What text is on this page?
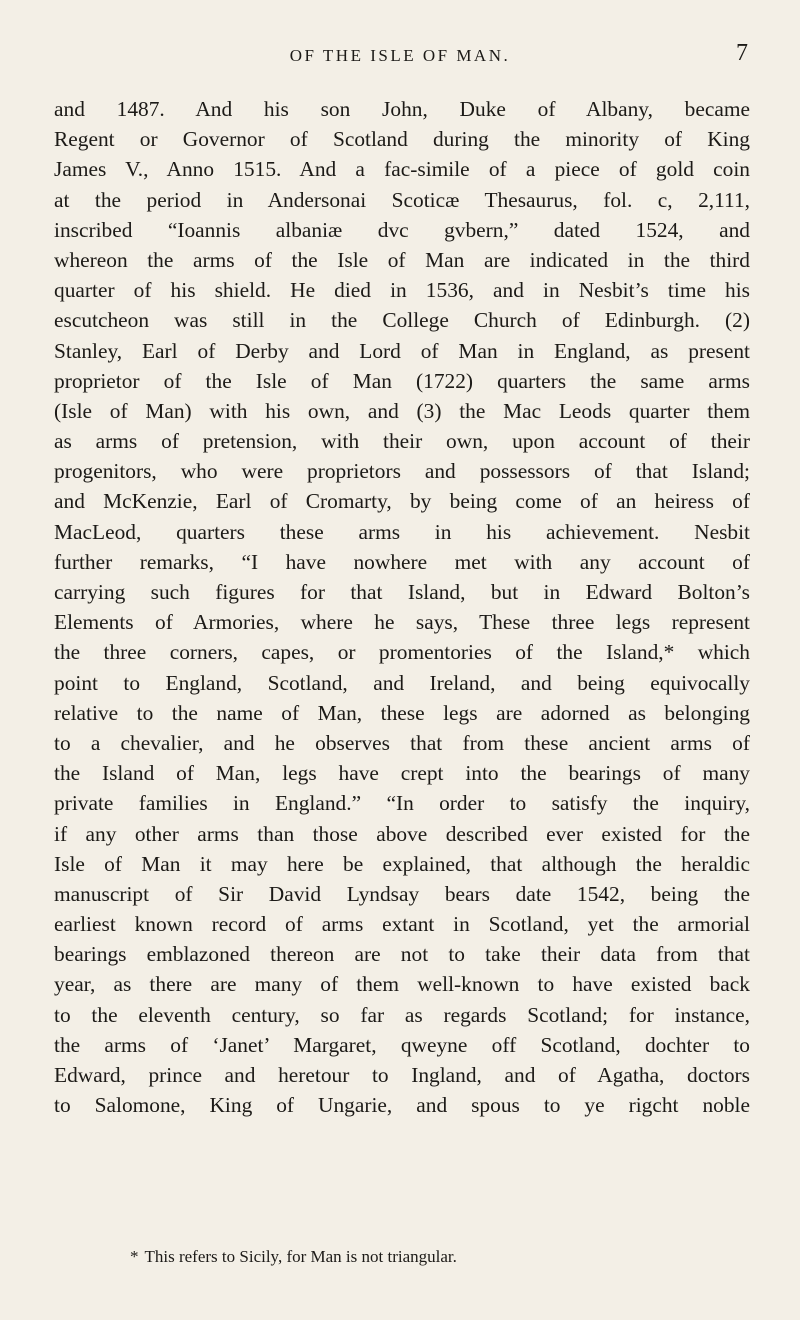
OF THE ISLE OF MAN.	7
and 1487. And his son John, Duke of Albany, became
Regent or Governor of Scotland during the minority of King
James V., Anno 1515. And a fac-simile of a piece of gold coin
at the period in Andersonai Scoticæ Thesaurus, fol. c, 2,111,
inscribed “Ioannis albaniæ dvc gvbern,” dated 1524, and
whereon the arms of the Isle of Man are indicated in the third
quarter of his shield. He died in 1536, and in Nesbit’s time his
escutcheon was still in the College Church of Edinburgh. (2)
Stanley, Earl of Derby and Lord of Man in England, as present
proprietor of the Isle of Man (1722) quarters the same arms
(Isle of Man) with his own, and (3) the Mac Leods quarter them
as arms of pretension, with their own, upon account of their
progenitors, who were proprietors and possessors of that Island;
and McKenzie, Earl of Cromarty, by being come of an heiress of
MacLeod, quarters these arms in his achievement. Nesbit
further remarks, “I have nowhere met with any account of
carrying such figures for that Island, but in Edward Bolton’s
Elements of Armories, where he says, These three legs represent
the three corners, capes, or promentories of the Island,* which
point to England, Scotland, and Ireland, and being equivocally
relative to the name of Man, these legs are adorned as belonging
to a chevalier, and he observes that from these ancient arms of
the Island of Man, legs have crept into the bearings of many
private families in England.” “In order to satisfy the inquiry,
if any other arms than those above described ever existed for the
Isle of Man it may here be explained, that although the heraldic
manuscript of Sir David Lyndsay bears date 1542, being the
earliest known record of arms extant in Scotland, yet the armorial
bearings emblazoned thereon are not to take their data from that
year, as there are many of them well-known to have existed back
to the eleventh century, so far as regards Scotland; for instance,
the arms of ‘Janet’ Margaret, qweyne off Scotland, dochter to
Edward, prince and heretour to Ingland, and of Agatha, doctors
to Salomone, King of Ungarie, and spous to ye rigcht noble
* This refers to Sicily, for Man is not triangular.
